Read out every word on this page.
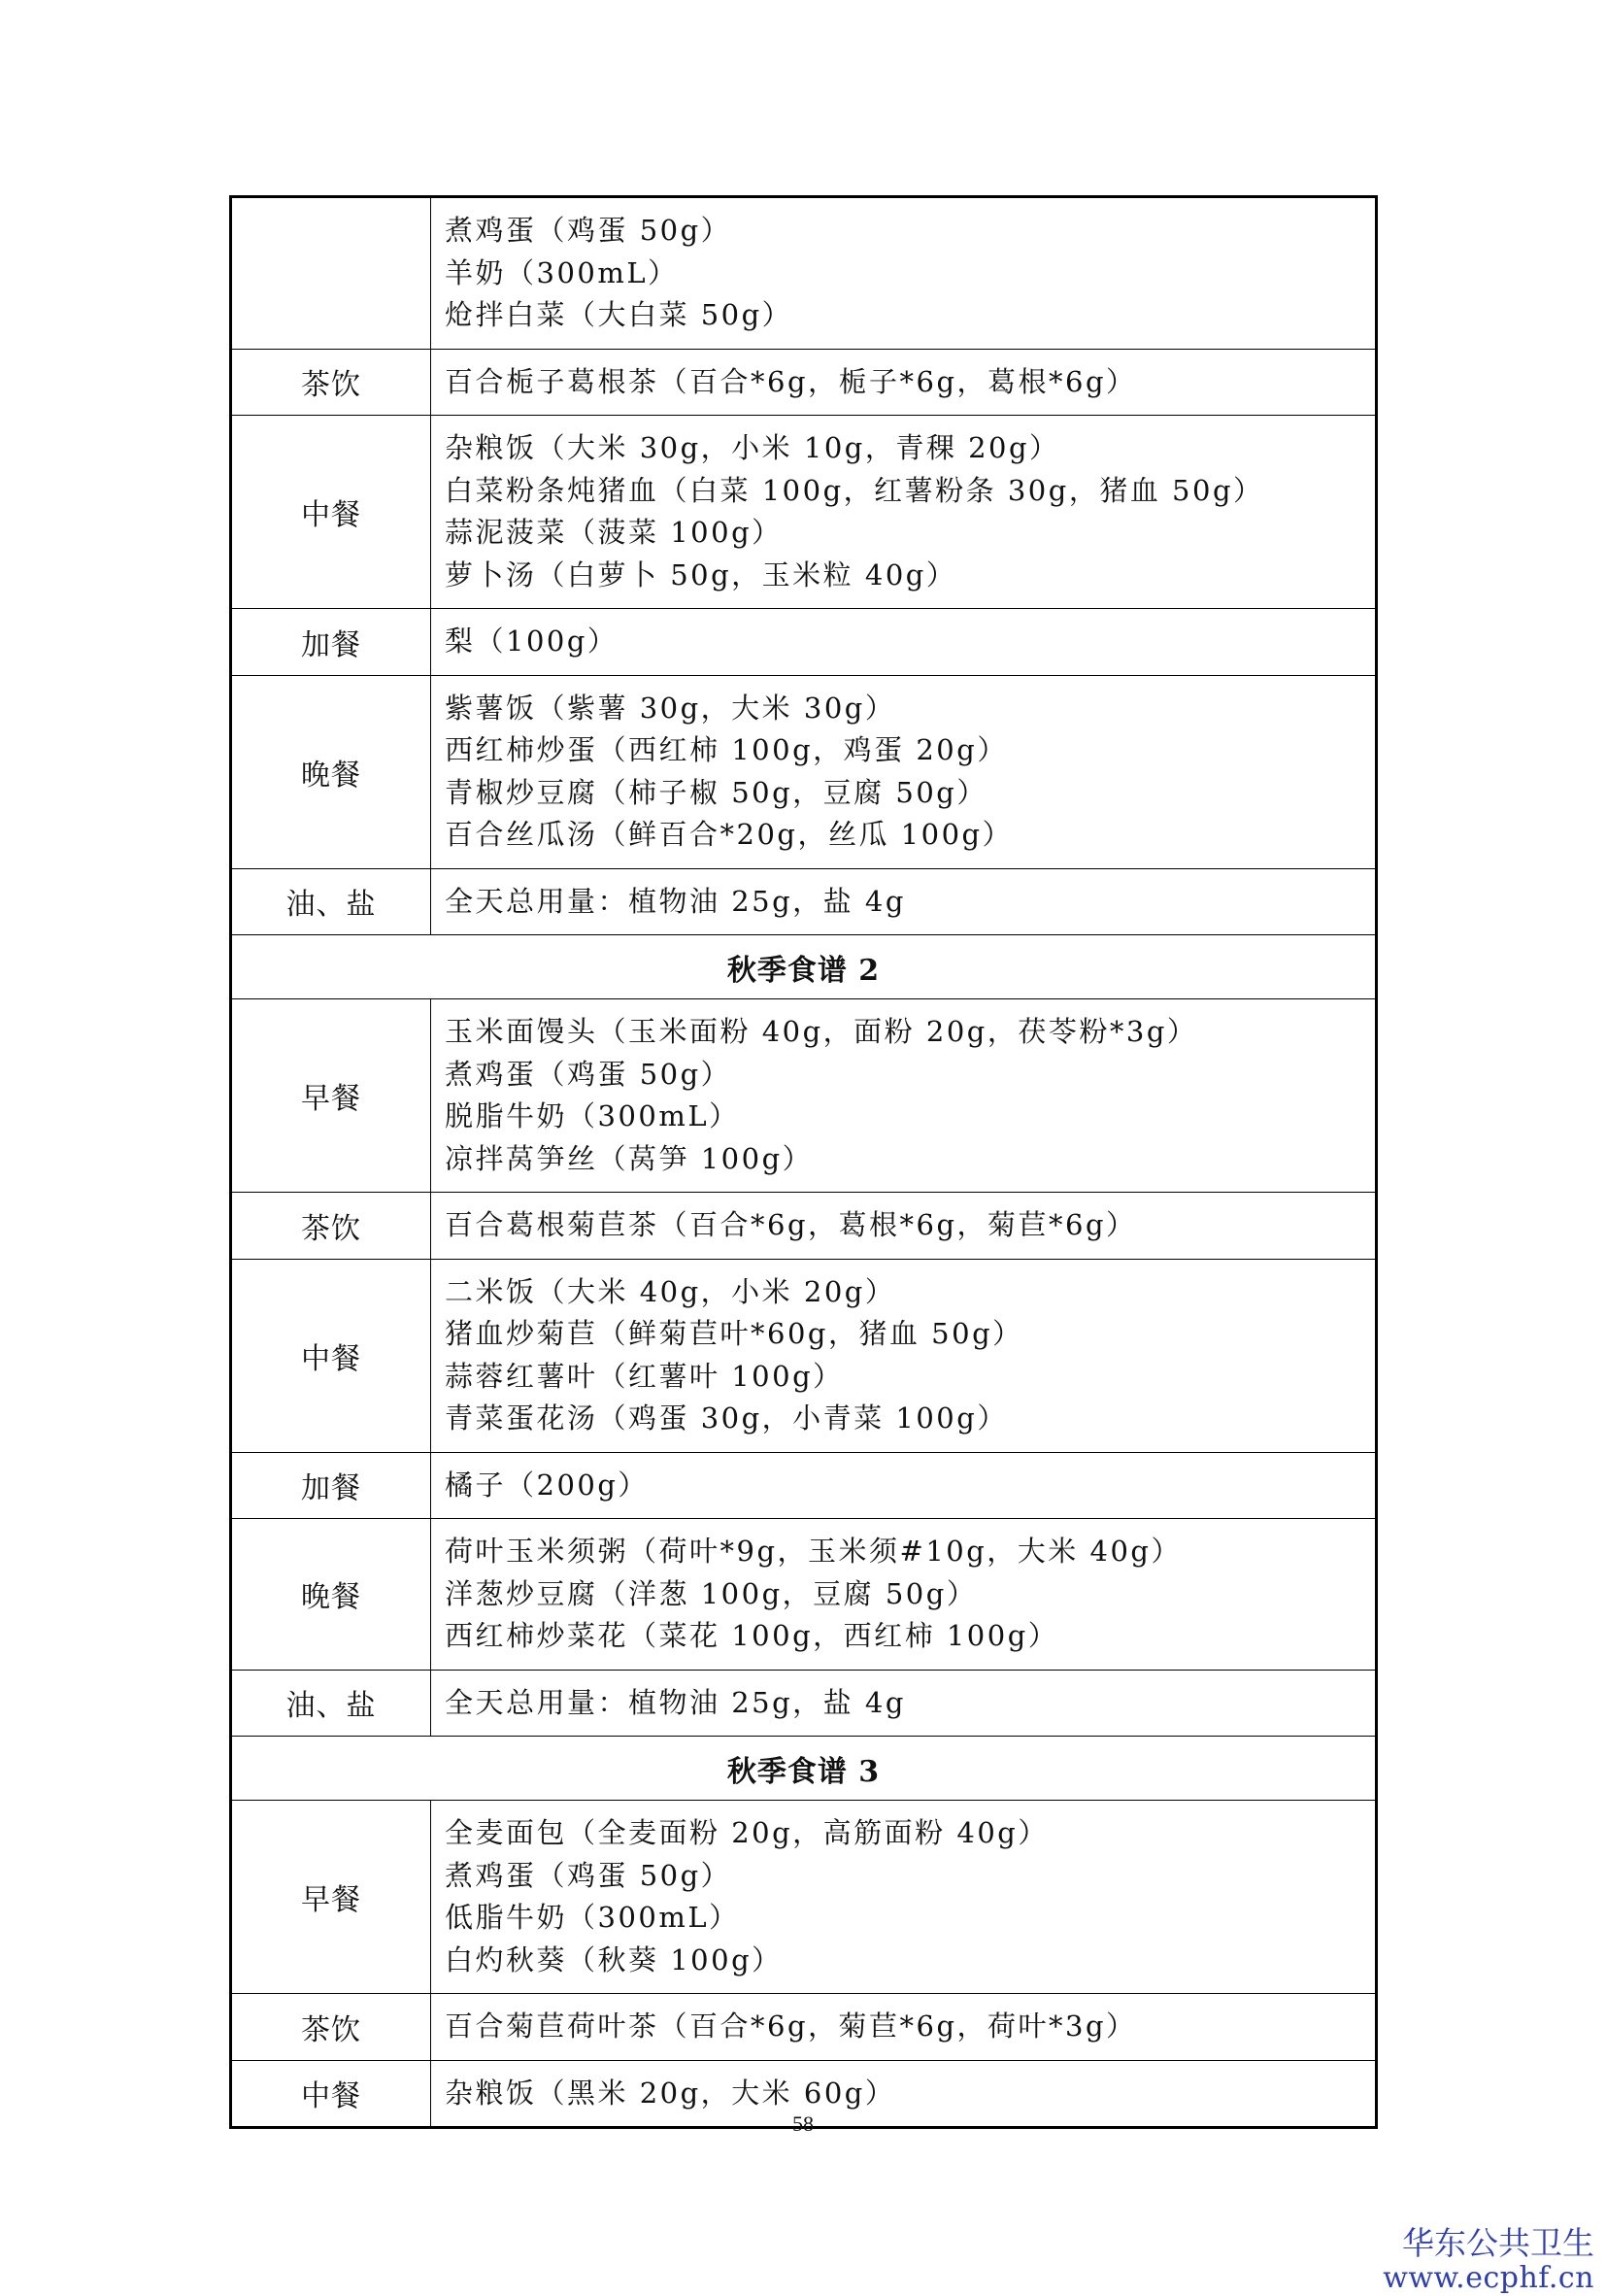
	煮鸡蛋（鸡蛋 50g）
羊奶（300mL）
炝拌白菜（大白菜 50g）

茶饮	百合栀子葛根茶（百合*6g，栀子*6g，葛根*6g）

中餐	杂粮饭（大米 30g，小米 10g，青稞 20g）
白菜粉条炖猪血（白菜 100g，红薯粉条 30g，猪血 50g）
蒜泥菠菜（菠菜 100g）
萝卜汤（白萝卜 50g，玉米粒 40g）

加餐	梨（100g）

晚餐	紫薯饭（紫薯 30g，大米 30g）
西红柿炒蛋（西红柿 100g，鸡蛋 20g）
青椒炒豆腐（柿子椒 50g，豆腐 50g）
百合丝瓜汤（鲜百合*20g，丝瓜 100g）

油、盐	全天总用量：植物油 25g，盐 4g

秋季食谱 2	
早餐	玉米面馒头（玉米面粉 40g，面粉 20g，茯苓粉*3g）
煮鸡蛋（鸡蛋 50g）
脱脂牛奶（300mL）
凉拌莴笋丝（莴笋 100g）

茶饮	百合葛根菊苣茶（百合*6g，葛根*6g，菊苣*6g）

中餐	二米饭（大米 40g，小米 20g）
猪血炒菊苣（鲜菊苣叶*60g，猪血 50g）
蒜蓉红薯叶（红薯叶 100g）
青菜蛋花汤（鸡蛋 30g，小青菜 100g）

加餐	橘子（200g）

晚餐	荷叶玉米须粥（荷叶*9g，玉米须#10g，大米 40g）
洋葱炒豆腐（洋葱 100g，豆腐 50g）
西红柿炒菜花（菜花 100g，西红柿 100g）

油、盐	全天总用量：植物油 25g，盐 4g

秋季食谱 3	
早餐	全麦面包（全麦面粉 20g，高筋面粉 40g）
煮鸡蛋（鸡蛋 50g）
低脂牛奶（300mL）
白灼秋葵（秋葵 100g）

茶饮	百合菊苣荷叶茶（百合*6g，菊苣*6g，荷叶*3g）

中餐	杂粮饭（黑米 20g，大米 60g）
58
华东公共卫生
www.ecphf.cn
